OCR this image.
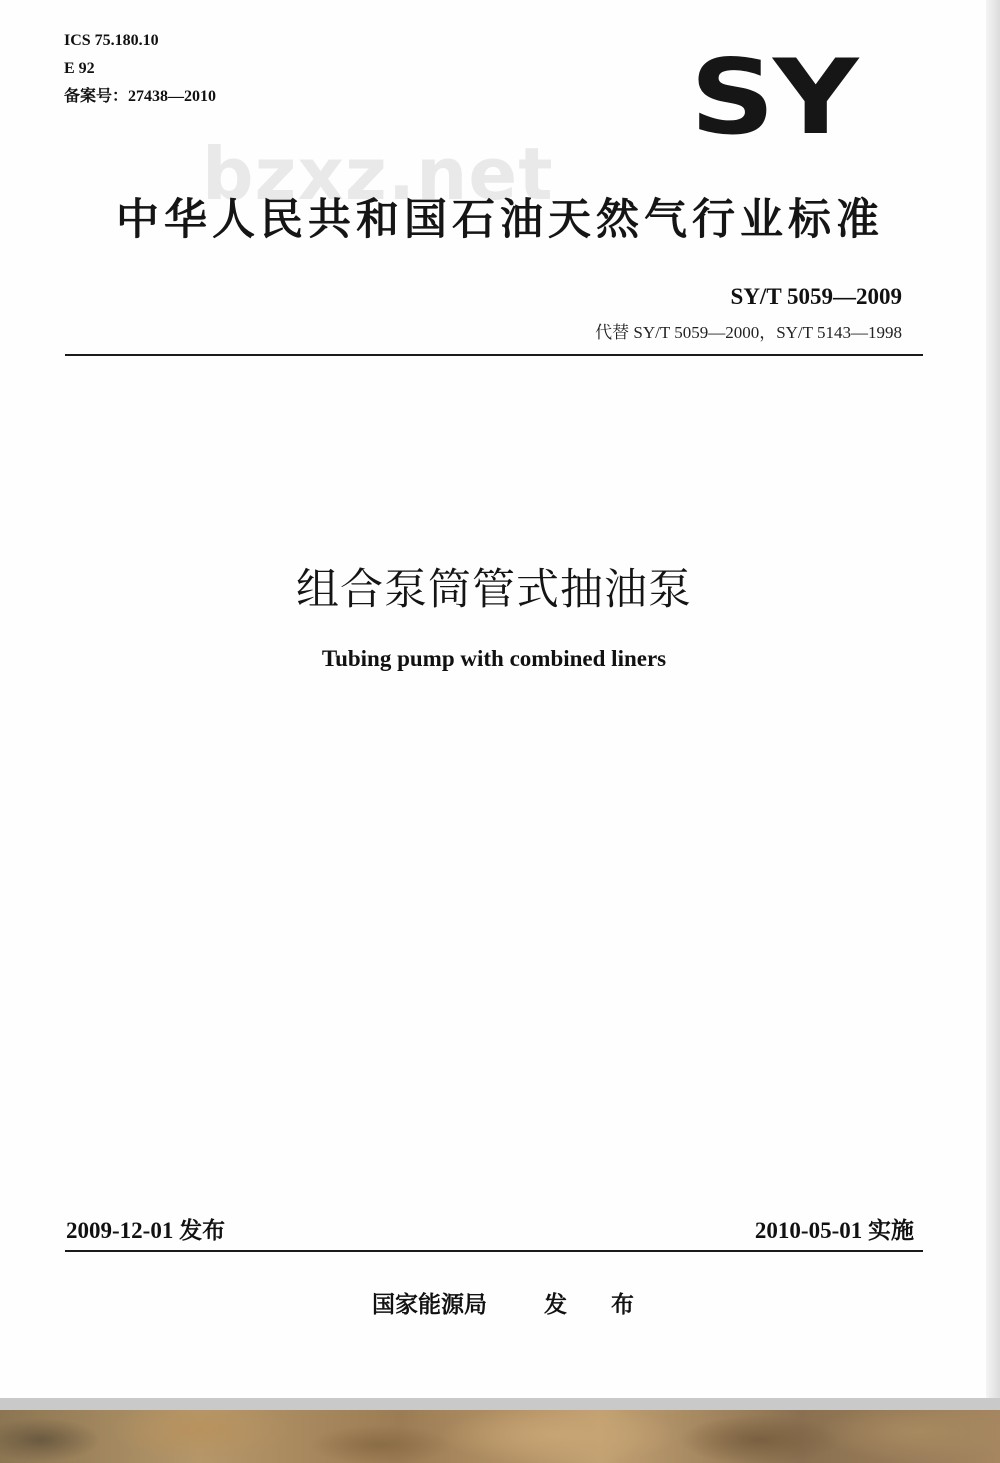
ICS 75.180.10
E 92
备案号：27438—2010	SY
bzxz.net
中华人民共和国石油天然气行业标准
SY/T 5059—2009
代替 SY/T 5059—2000，SY/T 5143—1998
组合泵筒管式抽油泵
Tubing pump with combined liners
2009-12-01 发布	2010-05-01 实施
国家能源局 发 布
